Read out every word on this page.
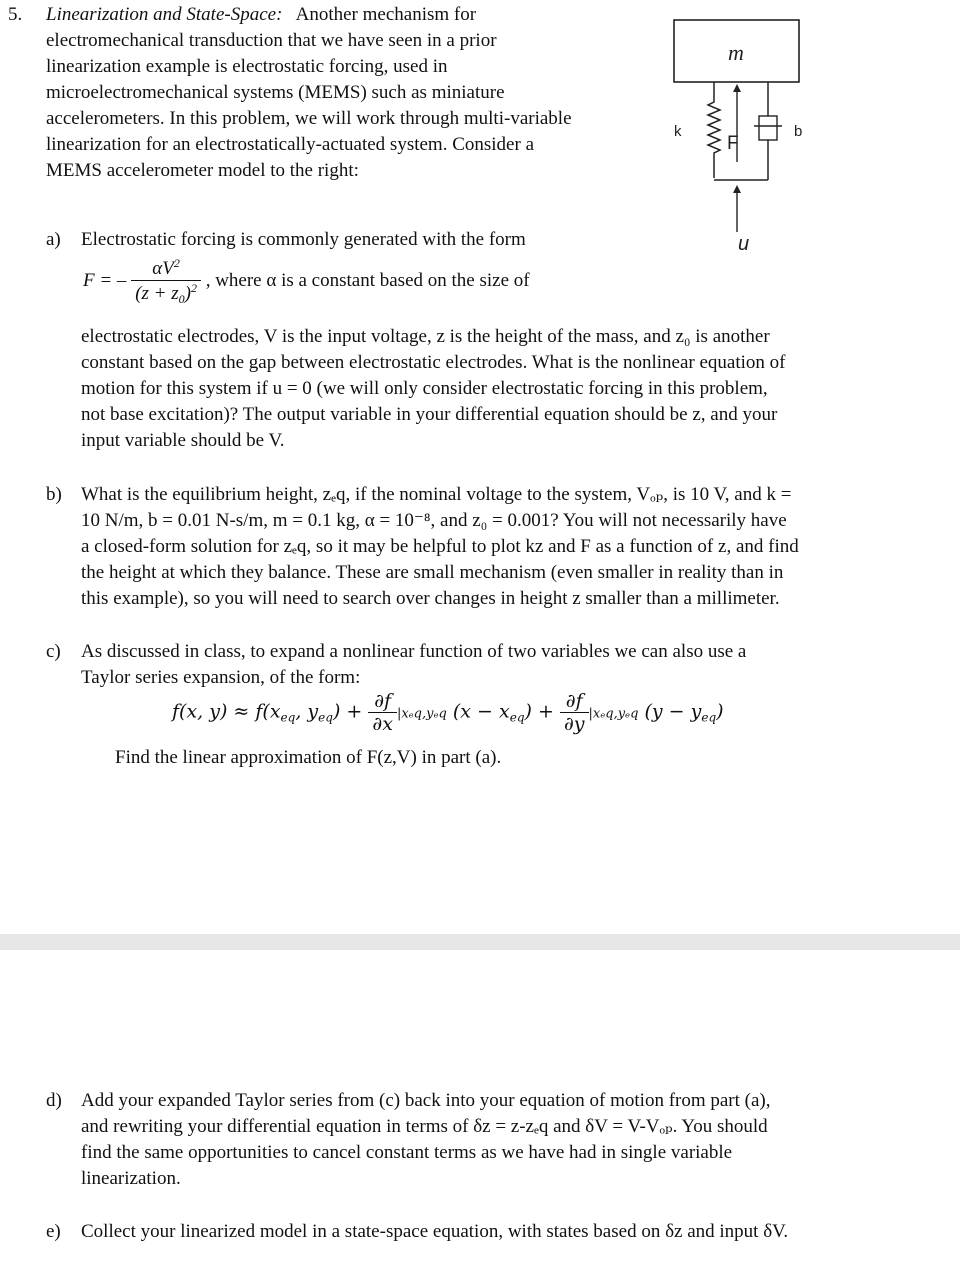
5. Linearization and State-Space: Another mechanism for
electromechanical transduction that we have seen in a prior
linearization example is electrostatic forcing, used in
microelectromechanical systems (MEMS) such as miniature
accelerometers. In this problem, we will work through multi-variable
linearization for an electrostatically-actuated system. Consider a
MEMS accelerometer model to the right:
m
k
F
b
u
a) Electrostatic forcing is commonly generated with the form
F = – $\frac{\alpha V^2}{(z + z_0)^2}$ , where α is a constant based on the size of
electrostatic electrodes, V is the input voltage, z is the height of the mass, and z₀ is another
constant based on the gap between electrostatic electrodes. What is the nonlinear equation of
motion for this system if u = 0 (we will only consider electrostatic forcing in this problem,
not base excitation)? The output variable in your differential equation should be z, and your
input variable should be V.
b) What is the equilibrium height, zₑq, if the nominal voltage to the system, Vₒₚ, is 10 V, and k =
10 N/m, b = 0.01 N-s/m, m = 0.1 kg, α = 10⁻⁸, and z₀ = 0.001? You will not necessarily have
a closed-form solution for zₑq, so it may be helpful to plot kz and F as a function of z, and find
the height at which they balance. These are small mechanism (even smaller in reality than in
this example), so you will need to search over changes in height z smaller than a millimeter.
c) As discussed in class, to expand a nonlinear function of two variables we can also use a
Taylor series expansion, of the form:
f(x, $y) \approx f(x_{eq}$, $y_{eq}) + \frac{\partial f}{\partial x} |x_eq,y_eq$ $(x - x_{eq}) + \frac{\partial f}{\partial y} |x_eq,y_eq$ $(y - y_{eq})$
Find the linear approximation of F(z,V) in part (a).
d) Add your expanded Taylor series from (c) back into your equation of motion from part (a),
and rewriting your differential equation in terms of δz = z-zₑq and δV = V-Vₒₚ. You should
find the same opportunities to cancel constant terms as we have had in single variable
linearization.
e) Collect your linearized model in a state-space equation, with states based on δz and input δV.
